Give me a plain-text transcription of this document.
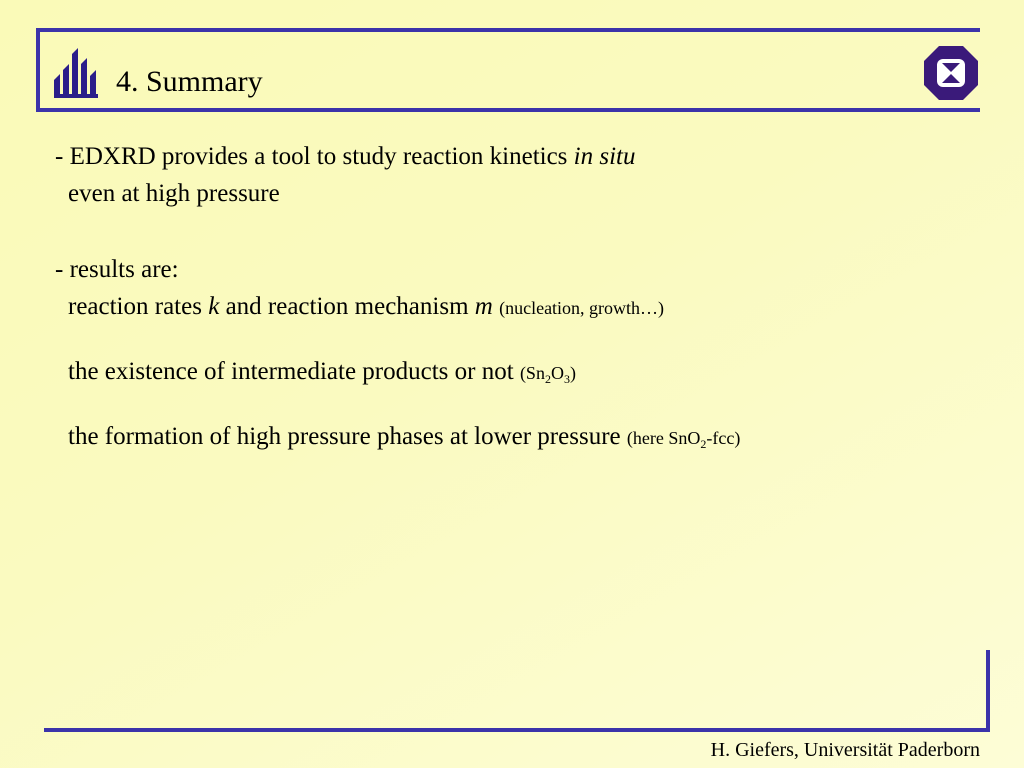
4. Summary
- EDXRD provides a tool to study reaction kinetics in situ
even at high pressure
- results are:
reaction rates k and reaction mechanism m (nucleation, growth…)
the existence of intermediate products or not $(Sn_2O_3)$
the formation of high pressure phases at lower pressure (here SnO$_2$-fcc)
H. Giefers, Universität Paderborn
